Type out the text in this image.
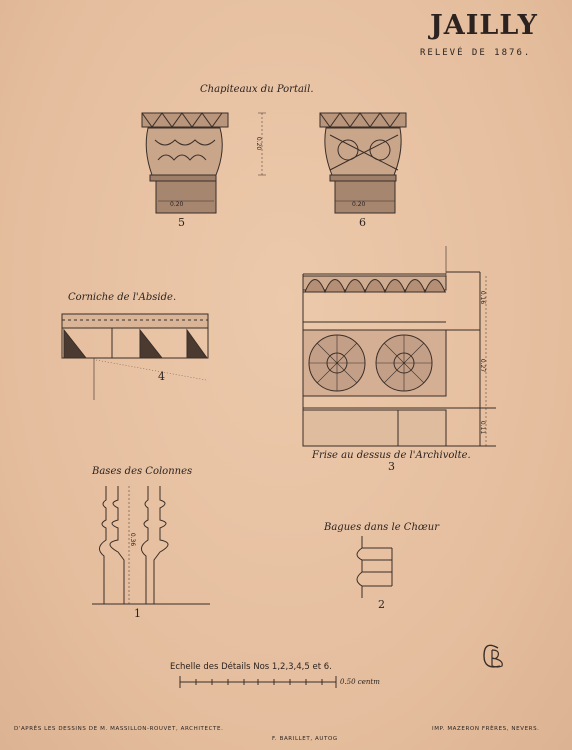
JAILLY
RELEVÉ DE 1876.
Chapiteaux du Portail.
Corniche de l'Abside.
Frise au dessus de l'Archivolte.
Bases des Colonnes
Bagues dans le Chœur
5	6
4
3
1
2
0.20	0.20
0.20
0.16
0.27
0.11
0.36
Echelle des Détails Nos 1,2,3,4,5 et 6.
0.50 centm
D'APRÈS LES DESSINS DE M. MASSILLON-ROUVET, ARCHITECTE.
F. BARILLET, AUTOG
IMP. MAZERON FRÈRES, NEVERS.
